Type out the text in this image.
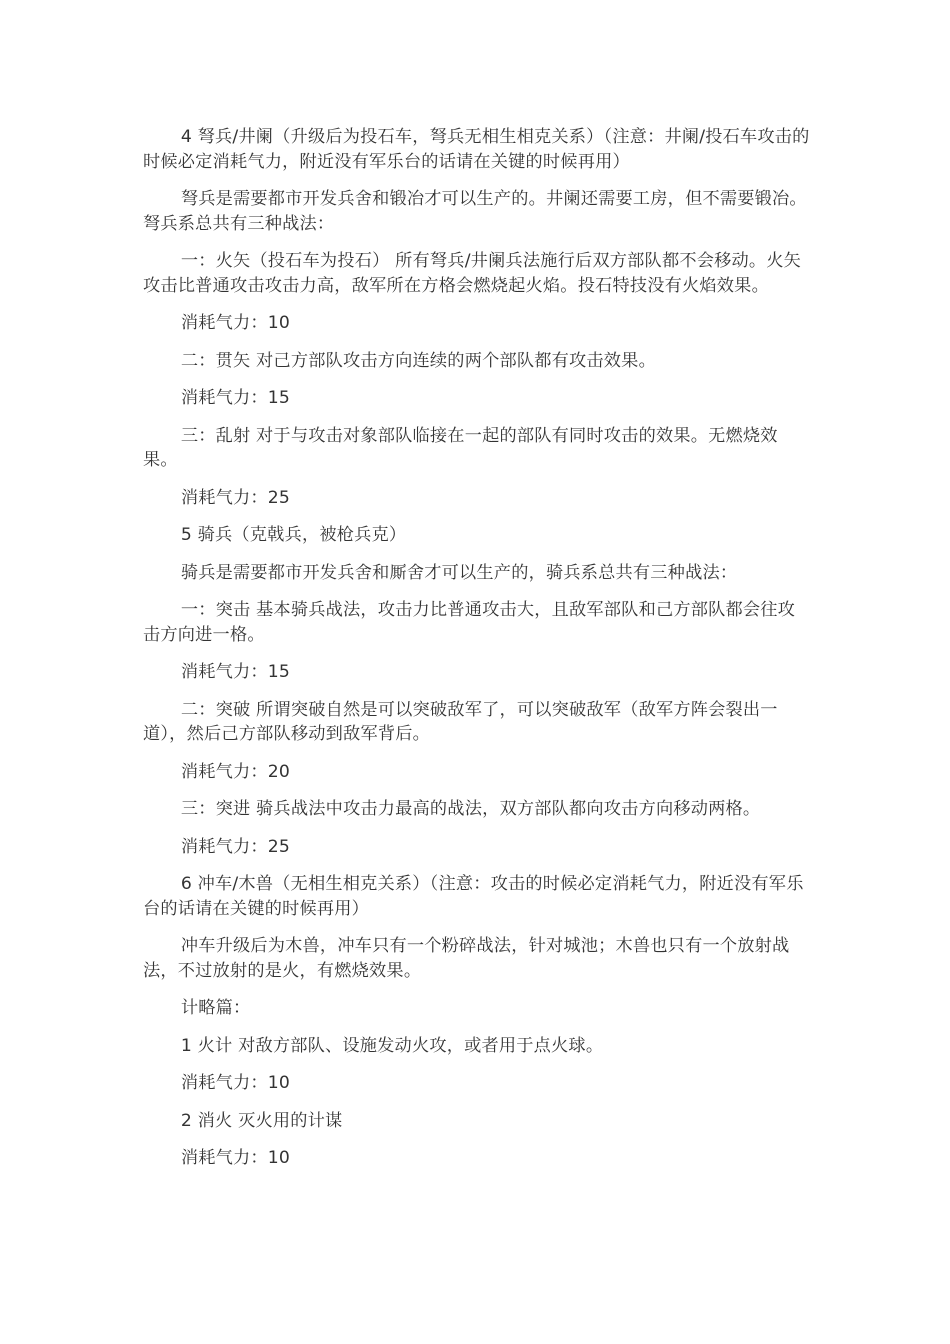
4 弩兵/井阑（升级后为投石车，弩兵无相生相克关系）（注意：井阑/投石车攻击的时候必定消耗气力，附近没有军乐台的话请在关键的时候再用）

弩兵是需要都市开发兵舍和锻冶才可以生产的。井阑还需要工房，但不需要锻冶。弩兵系总共有三种战法：

一：火矢（投石车为投石） 所有弩兵/井阑兵法施行后双方部队都不会移动。火矢攻击比普通攻击攻击力高，敌军所在方格会燃烧起火焰。投石特技没有火焰效果。

消耗气力：10

二：贯矢 对己方部队攻击方向连续的两个部队都有攻击效果。

消耗气力：15

三：乱射 对于与攻击对象部队临接在一起的部队有同时攻击的效果。无燃烧效果。

消耗气力：25

5 骑兵（克戟兵，被枪兵克）

骑兵是需要都市开发兵舍和厮舍才可以生产的，骑兵系总共有三种战法：

一：突击 基本骑兵战法，攻击力比普通攻击大，且敌军部队和己方部队都会往攻击方向进一格。

消耗气力：15

二：突破 所谓突破自然是可以突破敌军了，可以突破敌军（敌军方阵会裂出一道），然后己方部队移动到敌军背后。

消耗气力：20

三：突进 骑兵战法中攻击力最高的战法，双方部队都向攻击方向移动两格。

消耗气力：25

6 冲车/木兽（无相生相克关系）（注意：攻击的时候必定消耗气力，附近没有军乐台的话请在关键的时候再用）

冲车升级后为木兽，冲车只有一个粉碎战法，针对城池；木兽也只有一个放射战法，不过放射的是火，有燃烧效果。

计略篇：

1 火计 对敌方部队、设施发动火攻，或者用于点火球。

消耗气力：10

2 消火 灭火用的计谋

消耗气力：10
